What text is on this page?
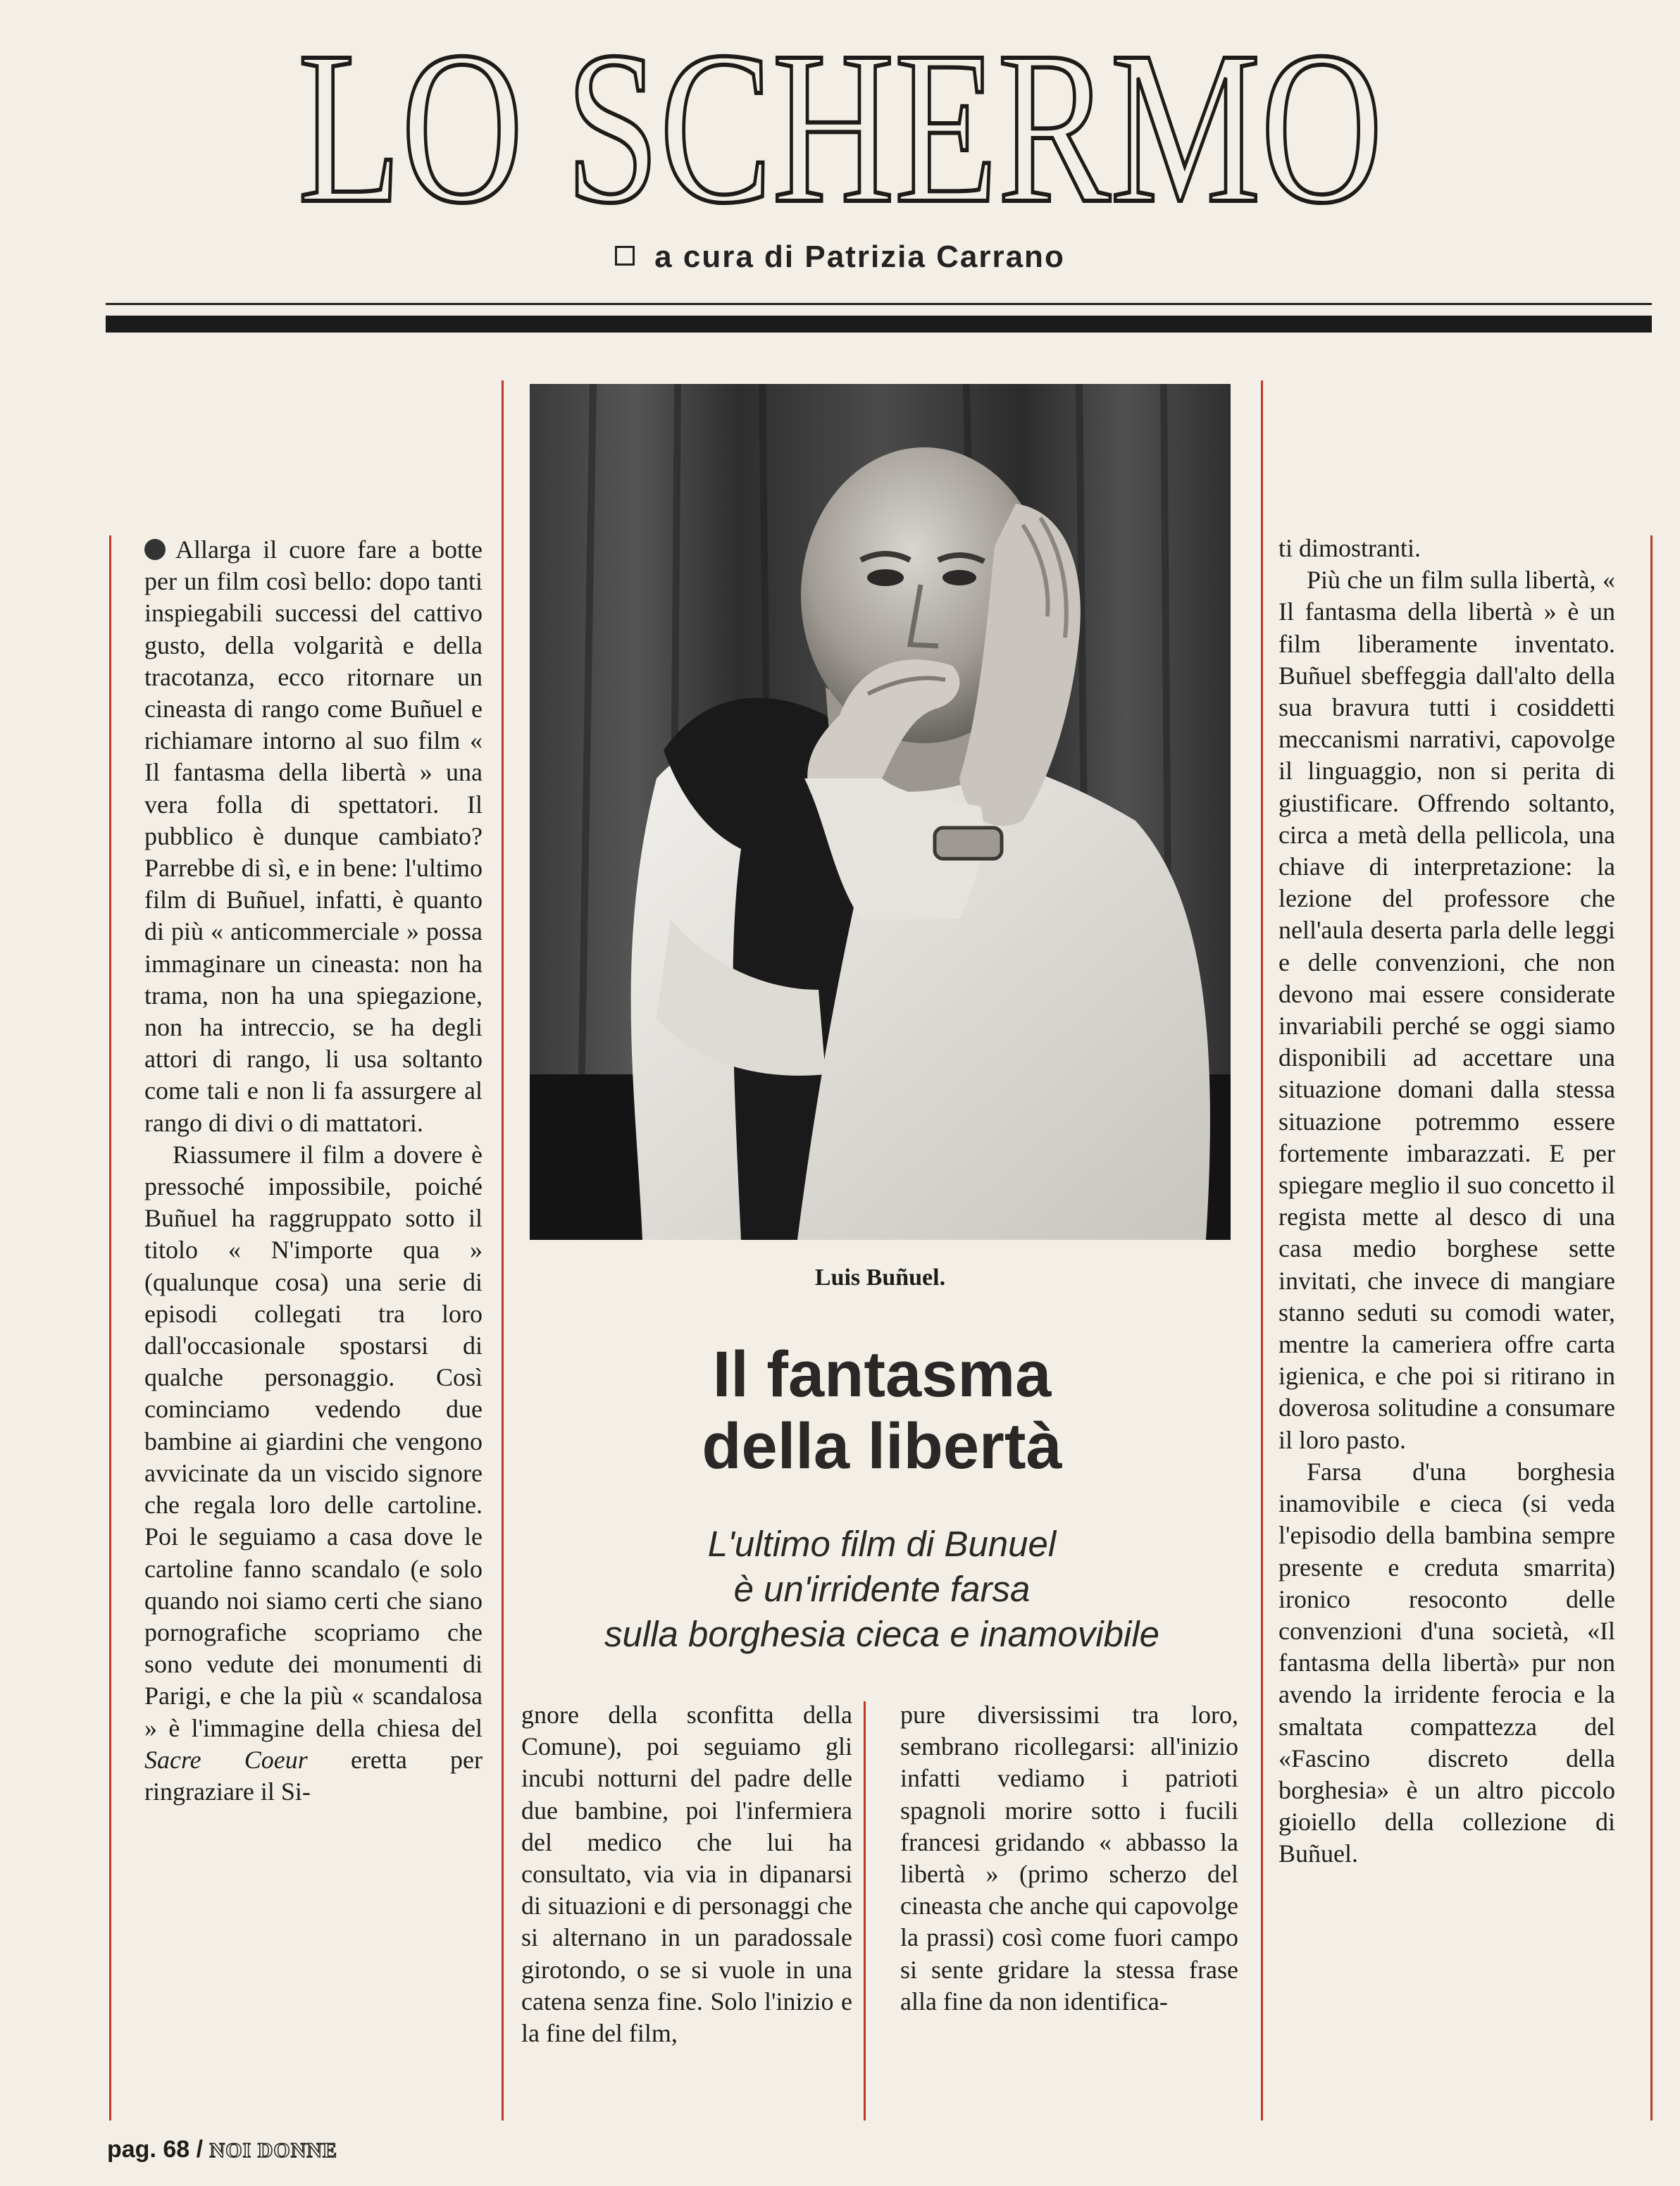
LO SCHERMO
a cura di Patrizia Carrano

Allarga il cuore fare a botte per un film così bello: dopo tanti inspiegabili successi del cattivo gusto, della volgarità e della tracotanza, ecco ritornare un cineasta di rango come Buñuel e richiamare intorno al suo film « Il fantasma della libertà » una vera folla di spettatori. Il pubblico è dunque cambiato? Parrebbe di sì, e in bene: l'ultimo film di Buñuel, infatti, è quanto di più « anticommerciale » possa immaginare un cineasta: non ha trama, non ha una spiegazione, non ha intreccio, se ha degli attori di rango, li usa soltanto come tali e non li fa assurgere al rango di divi o di mattatori.

Riassumere il film a dovere è pressoché impossibile, poiché Buñuel ha raggruppato sotto il titolo « N'importe qua » (qualunque cosa) una serie di episodi collegati tra loro dall'occasionale spostarsi di qualche personaggio. Così cominciamo vedendo due bambine ai giardini che vengono avvicinate da un viscido signore che regala loro delle cartoline. Poi le seguiamo a casa dove le cartoline fanno scandalo (e solo quando noi siamo certi che siano pornografiche scopriamo che sono vedute dei monumenti di Parigi, e che la più « scandalosa » è l'immagine della chiesa del Sacre Coeur eretta per ringraziare il Si-

Luis Buñuel.
Il fantasma
della libertà
L'ultimo film di Bunuel
è un'irridente farsa
sulla borghesia cieca e inamovibile

gnore della sconfitta della Comune), poi seguiamo gli incubi notturni del padre delle due bambine, poi l'infermiera del medico che lui ha consultato, via via in dipanarsi di situazioni e di personaggi che si alternano in un paradossale girotondo, o se si vuole in una catena senza fine. Solo l'inizio e la fine del film,

pure diversissimi tra loro, sembrano ricollegarsi: all'inizio infatti vediamo i patrioti spagnoli morire sotto i fucili francesi gridando « abbasso la libertà » (primo scherzo del cineasta che anche qui capovolge la prassi) così come fuori campo si sente gridare la stessa frase alla fine da non identifica-

ti dimostranti.

Più che un film sulla libertà, « Il fantasma della libertà » è un film liberamente inventato. Buñuel sbeffeggia dall'alto della sua bravura tutti i cosiddetti meccanismi narrativi, capovolge il linguaggio, non si perita di giustificare. Offrendo soltanto, circa a metà della pellicola, una chiave di interpretazione: la lezione del professore che nell'aula deserta parla delle leggi e delle convenzioni, che non devono mai essere considerate invariabili perché se oggi siamo disponibili ad accettare una situazione domani dalla stessa situazione potremmo essere fortemente imbarazzati. E per spiegare meglio il suo concetto il regista mette al desco di una casa medio borghese sette invitati, che invece di mangiare stanno seduti su comodi water, mentre la cameriera offre carta igienica, e che poi si ritirano in doverosa solitudine a consumare il loro pasto.

Farsa d'una borghesia inamovibile e cieca (si veda l'episodio della bambina sempre presente e creduta smarrita) ironico resoconto delle convenzioni d'una società, «Il fantasma della libertà» pur non avendo la irridente ferocia e la smaltata compattezza del «Fascino discreto della borghesia» è un altro piccolo gioiello della collezione di Buñuel.

pag. 68 / NOI DONNE
